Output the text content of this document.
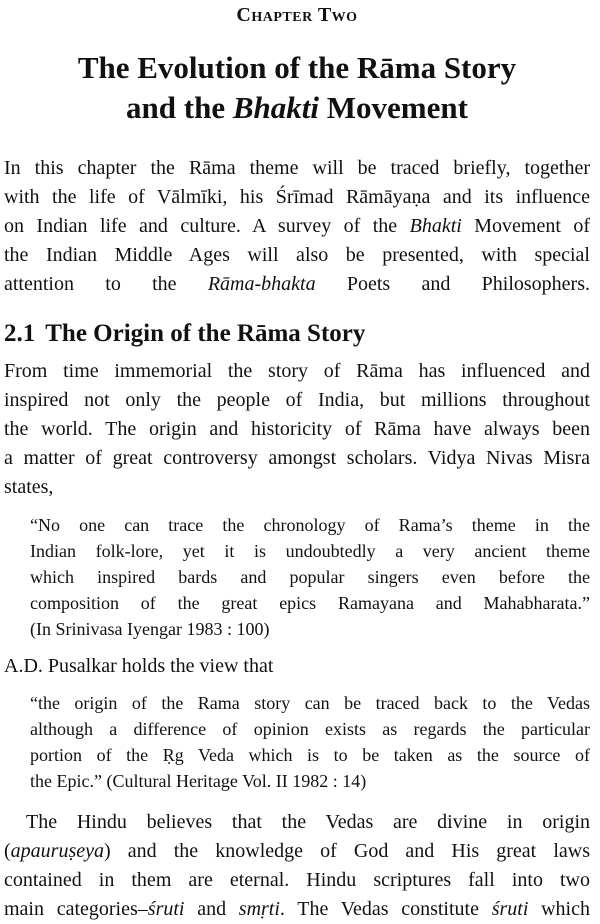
Chapter Two
The Evolution of the Rāma Story
and the Bhakti Movement

In this chapter the Rāma theme will be traced briefly, together
with the life of Vālmīki, his Śrīmad Rāmāyaṇa and its influence
on Indian life and culture. A survey of the Bhakti Movement of
the Indian Middle Ages will also be presented, with special
attention to the Rāma-bhakta Poets and Philosophers.

2.1 The Origin of the Rāma Story

From time immemorial the story of Rāma has influenced and
inspired not only the people of India, but millions throughout
the world. The origin and historicity of Rāma have always been
a matter of great controversy amongst scholars. Vidya Nivas Misra
states,

“No one can trace the chronology of Rama’s theme in the
Indian folk-lore, yet it is undoubtedly a very ancient theme
which inspired bards and popular singers even before the
composition of the great epics Ramayana and Mahabharata.”
(In Srinivasa Iyengar 1983 : 100)

A.D. Pusalkar holds the view that

“the origin of the Rama story can be traced back to the Vedas
although a difference of opinion exists as regards the particular
portion of the Ṛg Veda which is to be taken as the source of
the Epic.” (Cultural Heritage Vol. II 1982 : 14)

The Hindu believes that the Vedas are divine in origin
(apauruṣeya) and the knowledge of God and His great laws
contained in them are eternal. Hindu scriptures fall into two
main categories–śruti and smṛti. The Vedas constitute śruti which
